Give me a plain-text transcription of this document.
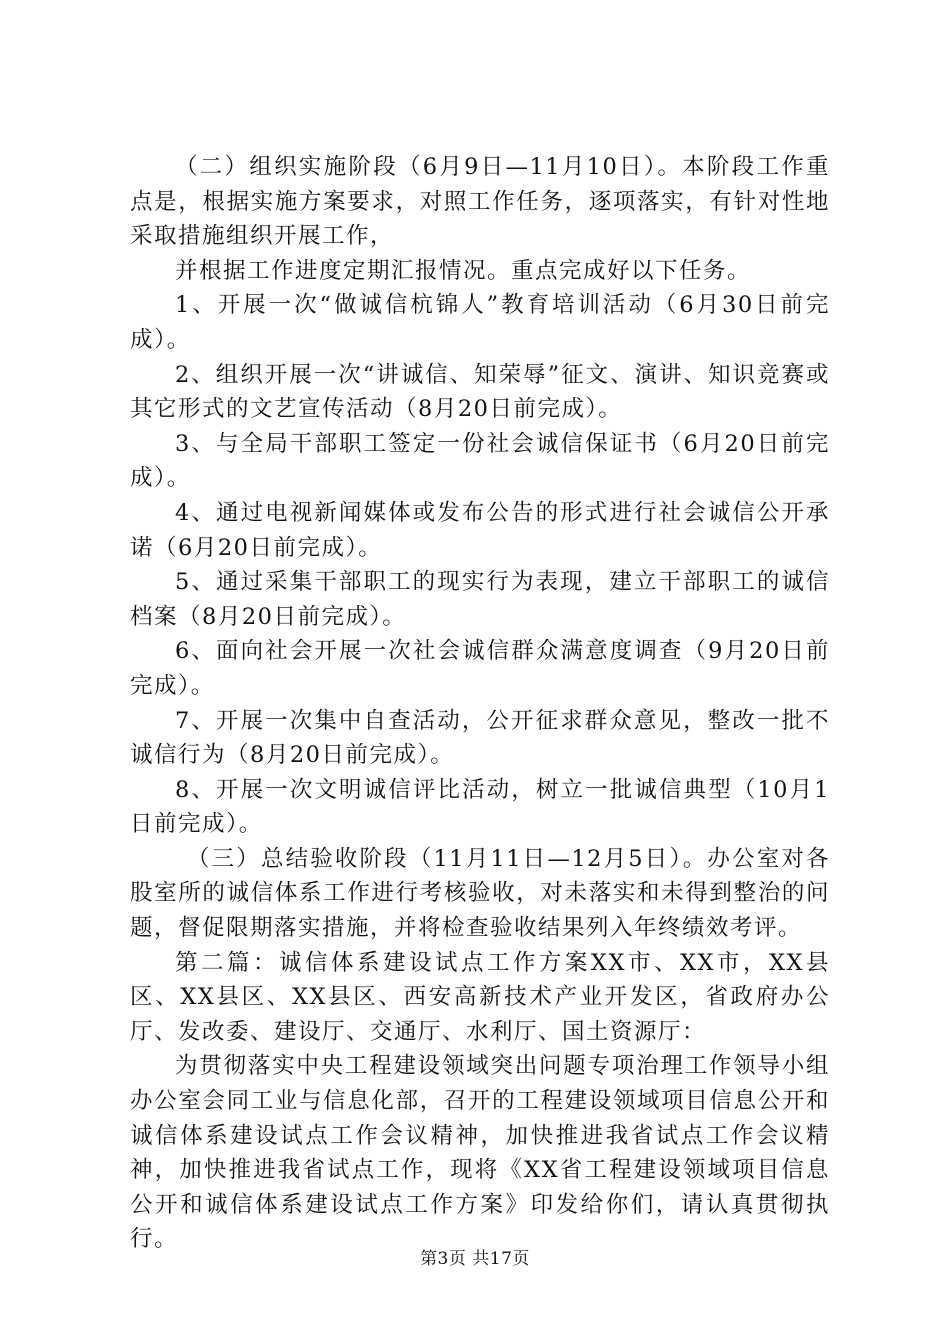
（二）组织实施阶段（6月9日—11月10日）。本阶段工作重点是，根据实施方案要求，对照工作任务，逐项落实，有针对性地采取措施组织开展工作，

并根据工作进度定期汇报情况。重点完成好以下任务。

1、开展一次“做诚信杭锦人”教育培训活动（6月30日前完成）。

2、组织开展一次“讲诚信、知荣辱”征文、演讲、知识竞赛或其它形式的文艺宣传活动（8月20日前完成）。

3、与全局干部职工签定一份社会诚信保证书（6月20日前完成）。

4、通过电视新闻媒体或发布公告的形式进行社会诚信公开承诺（6月20日前完成）。

5、通过采集干部职工的现实行为表现，建立干部职工的诚信档案（8月20日前完成）。

6、面向社会开展一次社会诚信群众满意度调查（9月20日前完成）。

7、开展一次集中自查活动，公开征求群众意见，整改一批不诚信行为（8月20日前完成）。

8、开展一次文明诚信评比活动，树立一批诚信典型（10月1日前完成）。

（三）总结验收阶段（11月11日—12月5日）。办公室对各股室所的诚信体系工作进行考核验收，对未落实和未得到整治的问题，督促限期落实措施，并将检查验收结果列入年终绩效考评。

第二篇：诚信体系建设试点工作方案XX市、XX市，XX县区、XX县区、XX县区、西安高新技术产业开发区，省政府办公厅、发改委、建设厅、交通厅、水利厅、国土资源厅：

为贯彻落实中央工程建设领域突出问题专项治理工作领导小组办公室会同工业与信息化部，召开的工程建设领域项目信息公开和诚信体系建设试点工作会议精神，加快推进我省试点工作会议精神，加快推进我省试点工作，现将《XX省工程建设领域项目信息公开和诚信体系建设试点工作方案》印发给你们，请认真贯彻执行。

第3页 共17页
